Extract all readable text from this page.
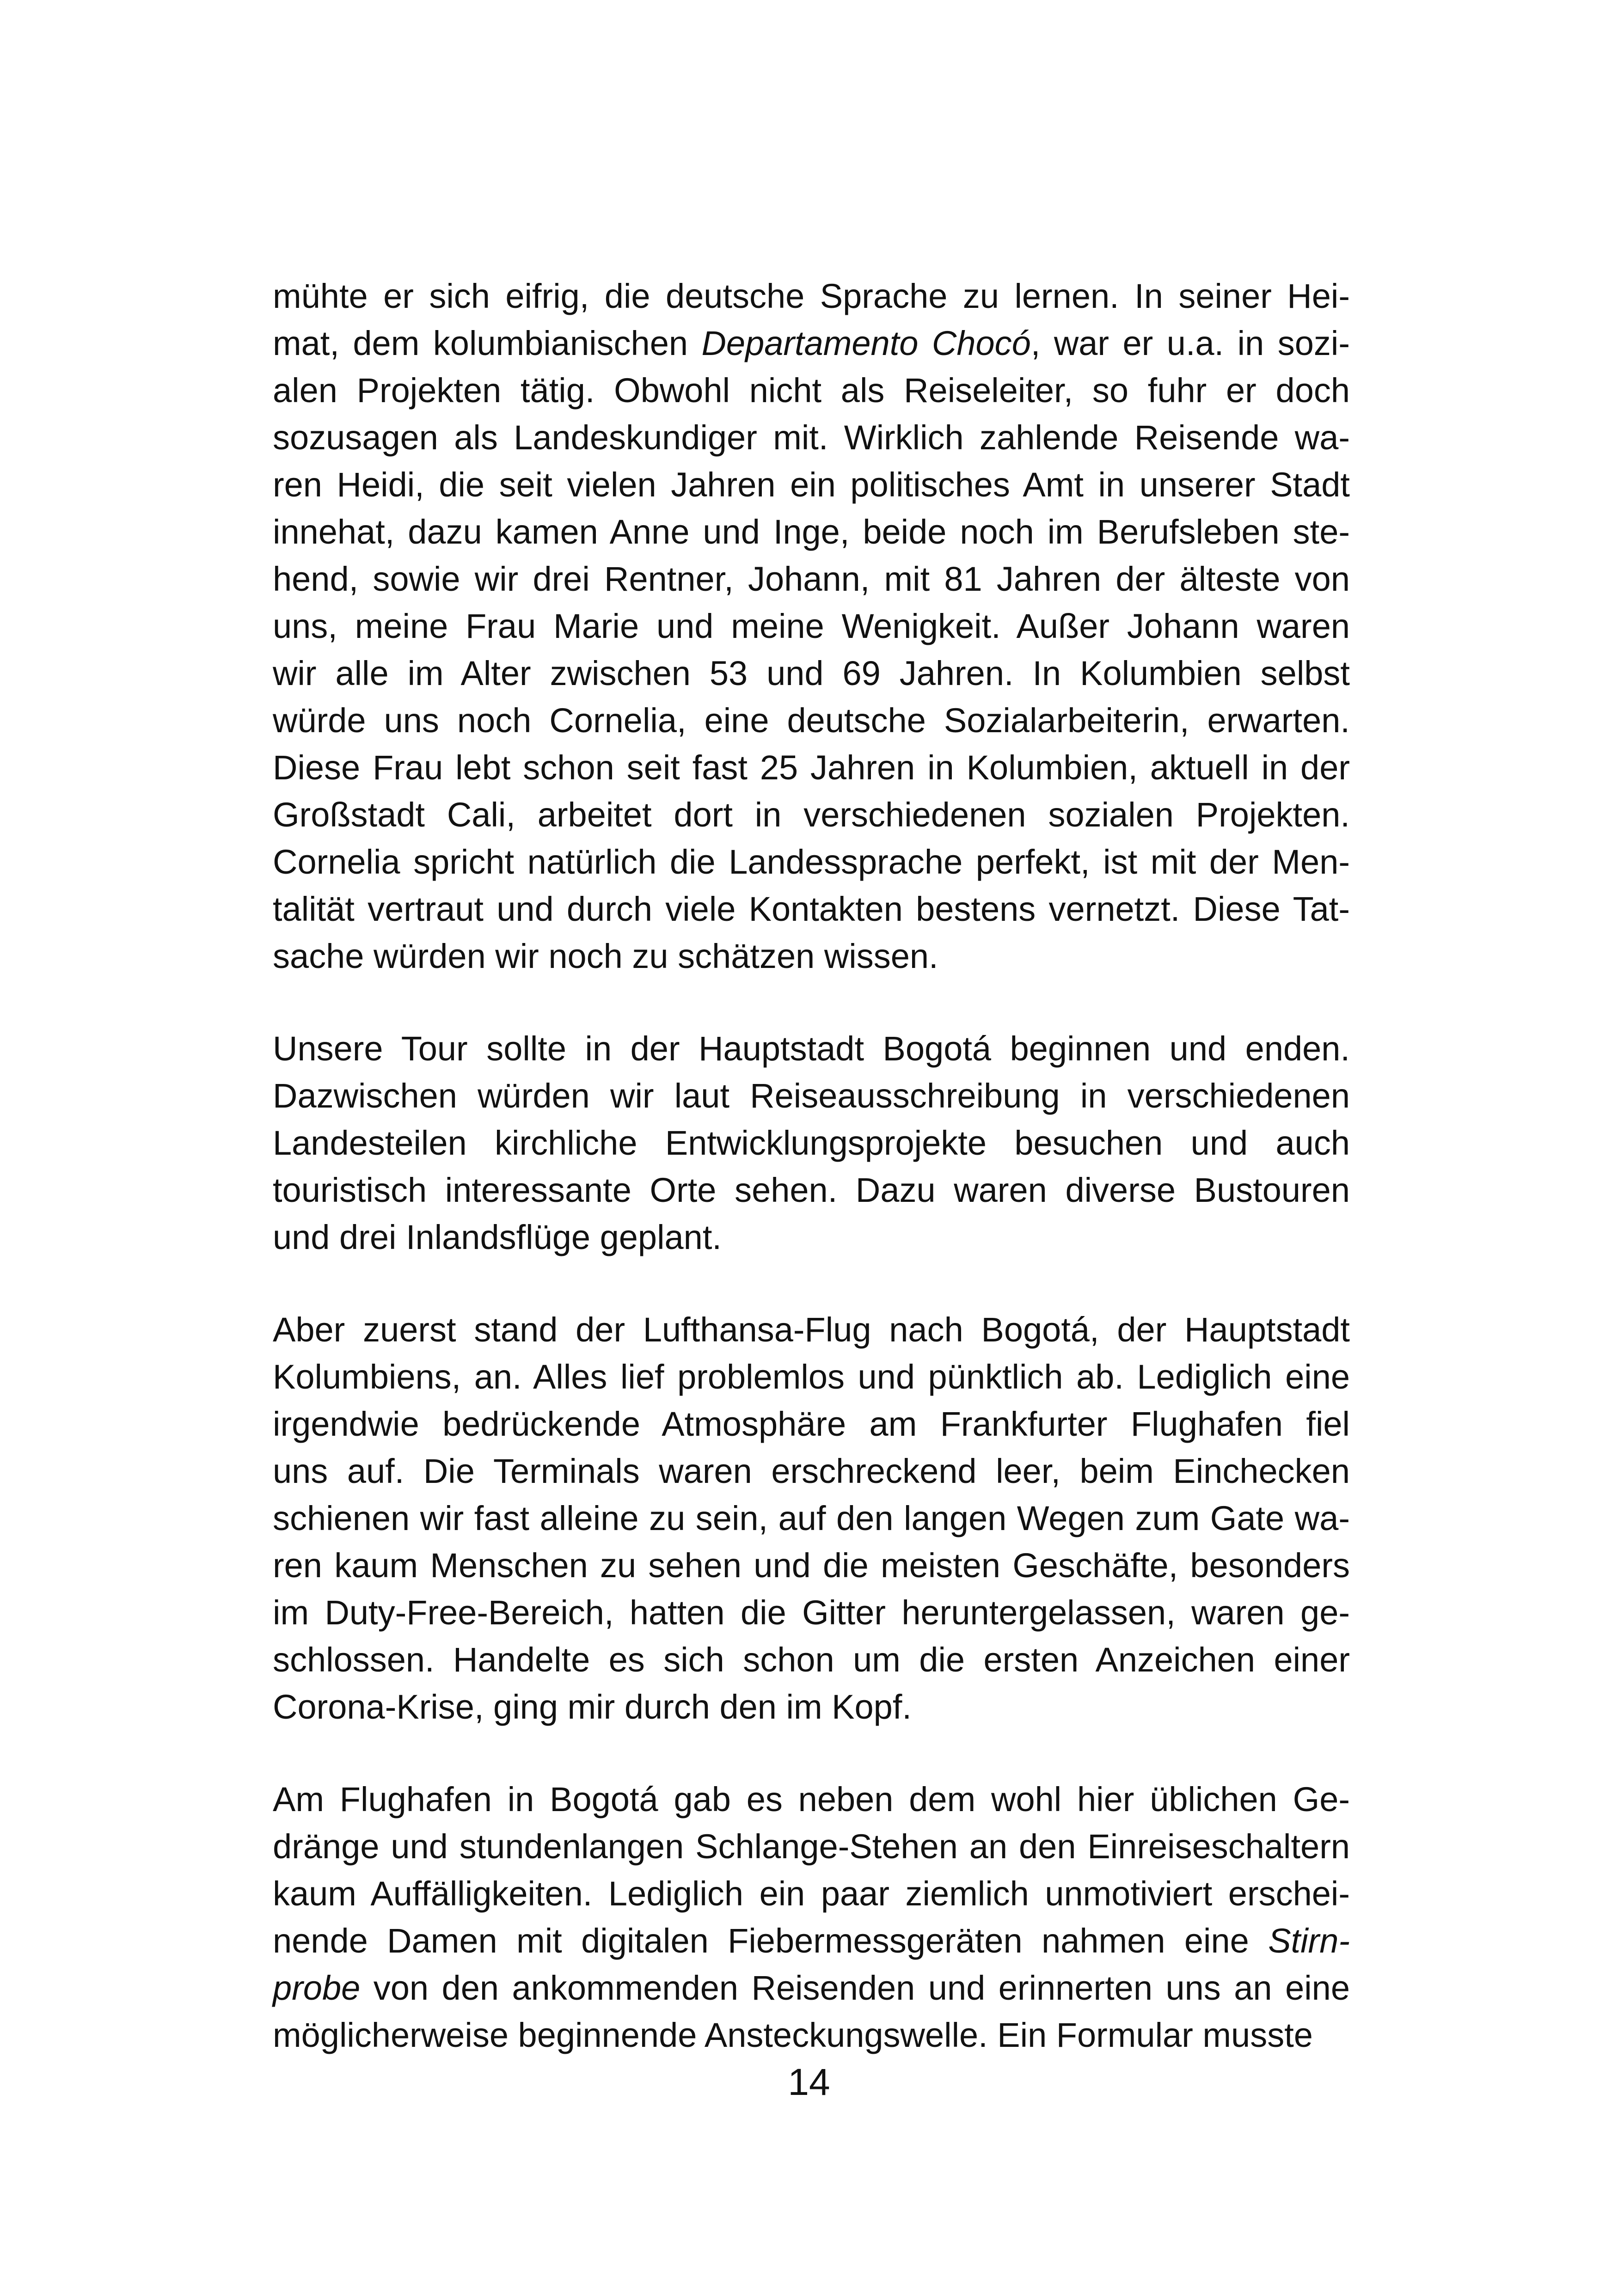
mühte er sich eifrig, die deutsche Sprache zu lernen. In seiner Hei-
mat, dem kolumbianischen Departamento Chocó, war er u.a. in sozi-
alen Projekten tätig. Obwohl nicht als Reiseleiter, so fuhr er doch
sozusagen als Landeskundiger mit. Wirklich zahlende Reisende wa-
ren Heidi, die seit vielen Jahren ein politisches Amt in unserer Stadt
innehat, dazu kamen Anne und Inge, beide noch im Berufsleben ste-
hend, sowie wir drei Rentner, Johann, mit 81 Jahren der älteste von
uns, meine Frau Marie und meine Wenigkeit. Außer Johann waren
wir alle im Alter zwischen 53 und 69 Jahren. In Kolumbien selbst
würde uns noch Cornelia, eine deutsche Sozialarbeiterin, erwarten.
Diese Frau lebt schon seit fast 25 Jahren in Kolumbien, aktuell in der
Großstadt Cali, arbeitet dort in verschiedenen sozialen Projekten.
Cornelia spricht natürlich die Landessprache perfekt, ist mit der Men-
talität vertraut und durch viele Kontakten bestens vernetzt. Diese Tat-
sache würden wir noch zu schätzen wissen.

Unsere Tour sollte in der Hauptstadt Bogotá beginnen und enden.
Dazwischen würden wir laut Reiseausschreibung in verschiedenen
Landesteilen kirchliche Entwicklungsprojekte besuchen und auch
touristisch interessante Orte sehen. Dazu waren diverse Bustouren
und drei Inlandsflüge geplant.

Aber zuerst stand der Lufthansa-Flug nach Bogotá, der Hauptstadt
Kolumbiens, an. Alles lief problemlos und pünktlich ab. Lediglich eine
irgendwie bedrückende Atmosphäre am Frankfurter Flughafen fiel
uns auf. Die Terminals waren erschreckend leer, beim Einchecken
schienen wir fast alleine zu sein, auf den langen Wegen zum Gate wa-
ren kaum Menschen zu sehen und die meisten Geschäfte, besonders
im Duty-Free-Bereich, hatten die Gitter heruntergelassen, waren ge-
schlossen. Handelte es sich schon um die ersten Anzeichen einer
Corona-Krise, ging mir durch den im Kopf.

Am Flughafen in Bogotá gab es neben dem wohl hier üblichen Ge-
dränge und stundenlangen Schlange-Stehen an den Einreiseschaltern
kaum Auffälligkeiten. Lediglich ein paar ziemlich unmotiviert erschei-
nende Damen mit digitalen Fiebermessgeräten nahmen eine Stirn-
probe von den ankommenden Reisenden und erinnerten uns an eine
möglicherweise beginnende Ansteckungswelle. Ein Formular musste

14
